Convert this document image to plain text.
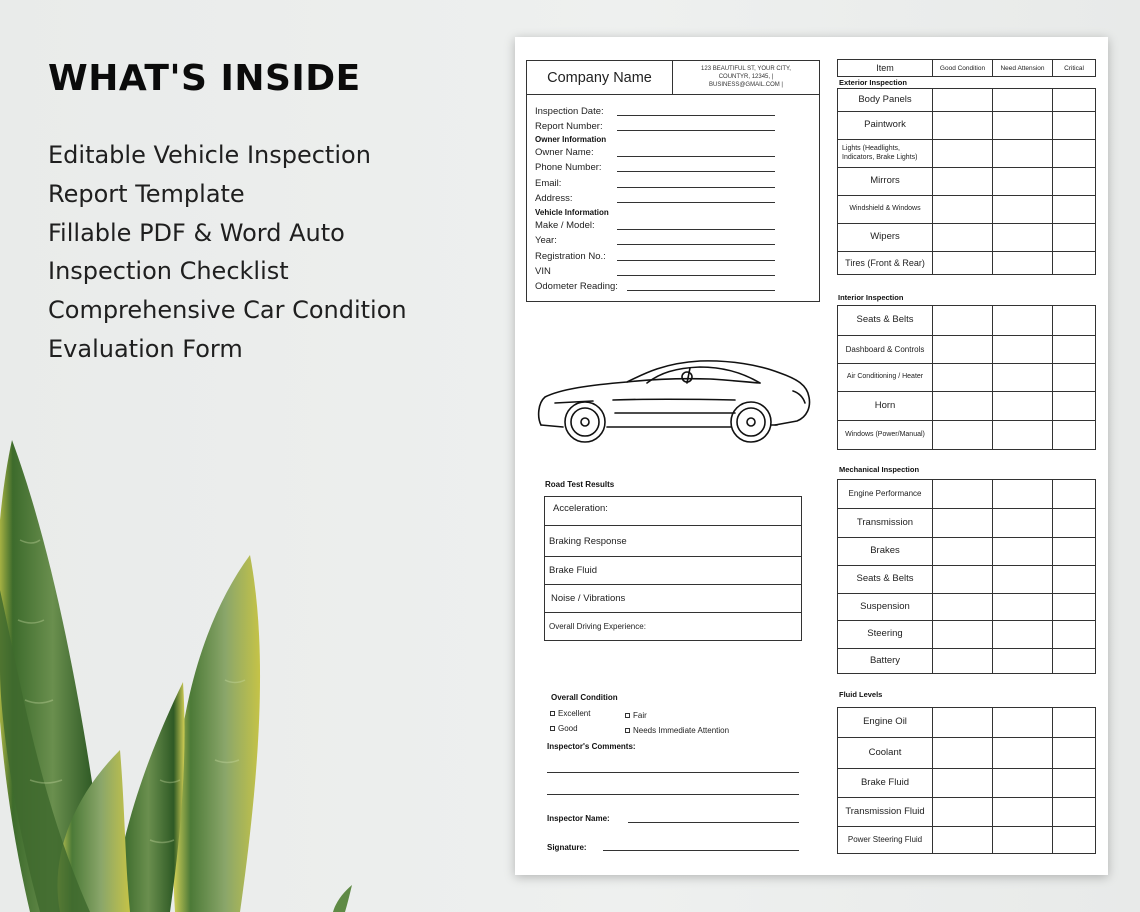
WHAT'S INSIDE
Editable Vehicle Inspection
Report Template
Fillable PDF & Word Auto
Inspection Checklist
Comprehensive Car Condition
Evaluation Form
Company Name
123 BEAUTIFUL ST, YOUR CITY,
COUNTYR, 12345, |
BUSINESS@GMAIL.COM |
Inspection Date:
Report Number:
Owner Information
Owner Name:
Phone Number:
Email:
Address:
Vehicle Information
Make / Model:
Year:
Registration No.:
VIN
Odometer Reading:
Road Test Results
Acceleration:
Braking Response
Brake Fluid
Noise / Vibrations
Overall Driving Experience:
Overall Condition
Excellent
Good
Fair
Needs Immediate Attention
Inspector's Comments:
Inspector Name:
Signature:
Item	Good Condition	Need Attension	Critical
Exterior Inspection
Body Panels
Paintwork
Lights (Headlights, Indicators, Brake Lights)
Mirrors
Windshield & Windows
Wipers
Tires (Front & Rear)
Interior Inspection
Seats & Belts
Dashboard & Controls
Air Conditioning / Heater
Horn
Windows (Power/Manual)
Mechanical Inspection
Engine Performance
Transmission
Brakes
Seats & Belts
Suspension
Steering
Battery
Fluid Levels
Engine Oil
Coolant
Brake Fluid
Transmission Fluid
Power Steering Fluid
